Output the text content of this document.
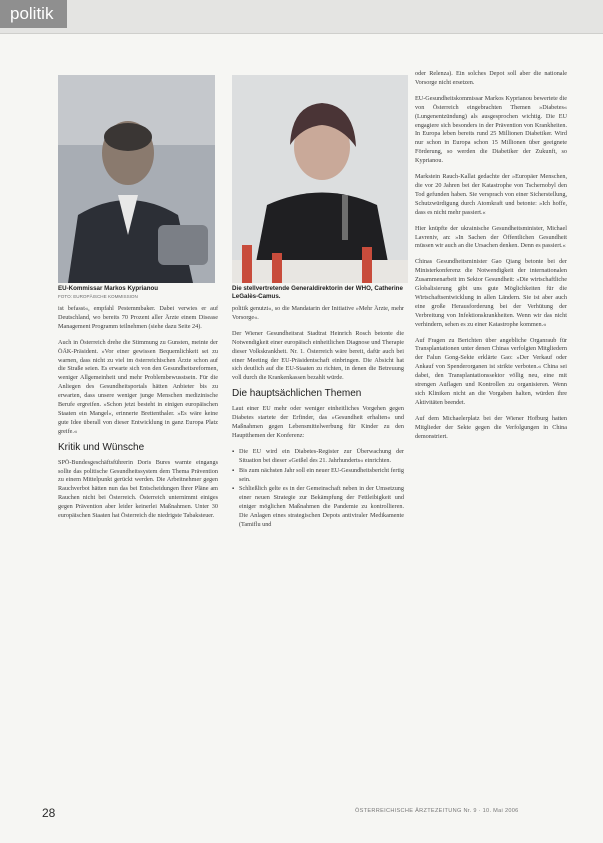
politik
EU-Kommissar Markos Kyprianou
FOTO: EUROPÄISCHE KOMMISSION
Die stellvertretende Generaldirektorin der WHO, Catherine LeGalès-Camus.

ist befasst«, empfahl Pestemmbaker. Dabei verwies er auf Deutschland, wo bereits 70 Prozent aller Ärzte einem Disease Management Programm teilnehmen (siehe dazu Seite 24).

Auch in Österreich drehe die Stimmung zu Gunsten, meinte der ÖÄK-Präsident. »Vor einer gewissen Bequemlichkeit sei zu warnen, dass nicht zu viel im österreichischen Ärzte schon auf die Straße seien. Es erwarte sich von den Gesundheitsreformen, weniger Allgemeinheit und mehr Problembewusstsein. Für die Anliegen des Gesundheitsportals hätten Anbieter bis zu erwarten, dass unsere weniger junge Menschen medizinische Berufe ergreifen. »Schon jetzt besteht in einigen europäischen Staaten ein Mangel«, erinnerte Brettenthaler. »Es wäre keine gute Idee überall von dieser Entwicklung in ganz Europa Platz greife.«

Kritik und Wünsche

SPÖ-Bundesgeschäftsführerin Doris Bures warnte eingangs sollte das politische Gesundheitssystem dem Thema Prävention zu einem Mittelpunkt gerückt werden. Die Arbeitnehmer gegen Rauchverbot hätten nun das bei Entscheidungen Ihrer Pläne am Rauchen nicht bei Österreich. Österreich unternimmt einiges gegen Prävention aber leider keinerlei Maßnahmen. Unter 30 europäischen Staaten hat Österreich die niedrigste Tabaksteuer.

politik genutzt«, so die Mandatarin der Initiative »Mehr Ärzte, mehr Vorsorge«.

Der Wiener Gesundheitsrat Stadtrat Heinrich Rosch betonte die Notwendigkeit einer europäisch einheitlichen Diagnose und Therapie dieser Volkskrankheit. Nr. 1. Österreich wäre bereit, dafür auch bei einer Meeting der EU-Präsidentschaft einbringen. Die Absicht hat sich deutlich auf die EU-Staaten zu richten, in denen die Betreuung voll durch die Krankenkassen bezahlt würde.

Die hauptsächlichen Themen

Laut einer EU mehr oder weniger einheitliches Vorgehen gegen Diabetes startete der Erfinder, das »Gesundheit erhalten« und Maßnahmen gegen Lebensmittelwerbung für Kinder zu den Hauptthemen der Konferenz:

▪ Die EU wird ein Diabetes-Register zur Überwachung der Situation bei dieser »Geißel des 21. Jahrhunderts« einrichten.
▪ Bis zum nächsten Jahr soll ein neuer EU-Gesundheitsbericht fertig sein.
▪ Schließlich gelte es in der Gemeinschaft neben in der Umsetzung einer neuen Strategie zur Bekämpfung der Fettleibigkeit und einiger möglichen Maßnahmen die Pandemie zu kontrollieren. Die Anlagen eines strategischen Depots antiviraler Medikamente (Tamiflu und

oder Relenza). Ein solches Depot soll aber die nationale Vorsorge nicht ersetzen.

EU-Gesundheitskommissar Markos Kyprianou bewertete die von Österreich eingebrachten Themen »Diabetes« (Lungenentzündung) als ausgesprochen wichtig. Die EU engagiere sich besonders in der Prävention von Krankheiten. In Europa leben bereits rund 25 Millionen Diabetiker. Wird nur schon in Europa schon 15 Millionen über geeignete Förderung, so werden die Diabetiker der Zukunft, so Kyprianou.

Markstein Rauch-Kallat gedachte der »Europäer Menschen, die vor 20 Jahren bei der Katastrophe von Tschernobyl den Tod gefunden haben. Sie versprach von einer Sicherstellung, Schutzwürdigung durch Atomkraft und betonte: »Ich hoffe, dass es nicht mehr passiert.«

Hier knüpfte der ukrainische Gesundheitsminister, Michael Lavreniv, an: »In Sachen der Öffentlichen Gesundheit müssen wir auch an die Ursachen denken. Denn es passiert.«

Chinas Gesundheitsminister Gao Qiang betonte bei der Ministerkonferenz die Notwendigkeit der internationalen Zusammenarbeit im Sektor Gesundheit: »Die wirtschaftliche Globalisierung gibt uns gute Möglichkeiten für die Wirtschaftsentwicklung in allen Ländern. Sie ist aber auch eine große Herausforderung bei der Verhütung der Verbreitung von Infektionskrankheiten. Wenn wir das nicht verhindern, sehen es zu einer Katastrophe kommen.«

Auf Fragen zu Berichten über angebliche Organraub für Transplantationen unter denen Chinas verfolgten Mitgliedern der Falun Gong-Sekte erklärte Gao: »Der Verkauf oder Ankauf von Spenderorganen ist strikte verboten.« China sei dabei, den Transplantationssektor völlig neu, eine mit strengen Auflagen und Kontrollen zu organisieren. Wenn sich Kliniken nicht an die Vorgaben halten, würden ihre Aktivitäten beendet.

Auf dem Michaelerplatz bei der Wiener Hofburg hatten Mitglieder der Sekte gegen die Verfolgungen in China demonstriert.

28	ÖSTERREICHISCHE ÄRZTEZEITUNG Nr. 9 · 10. Mai 2006
